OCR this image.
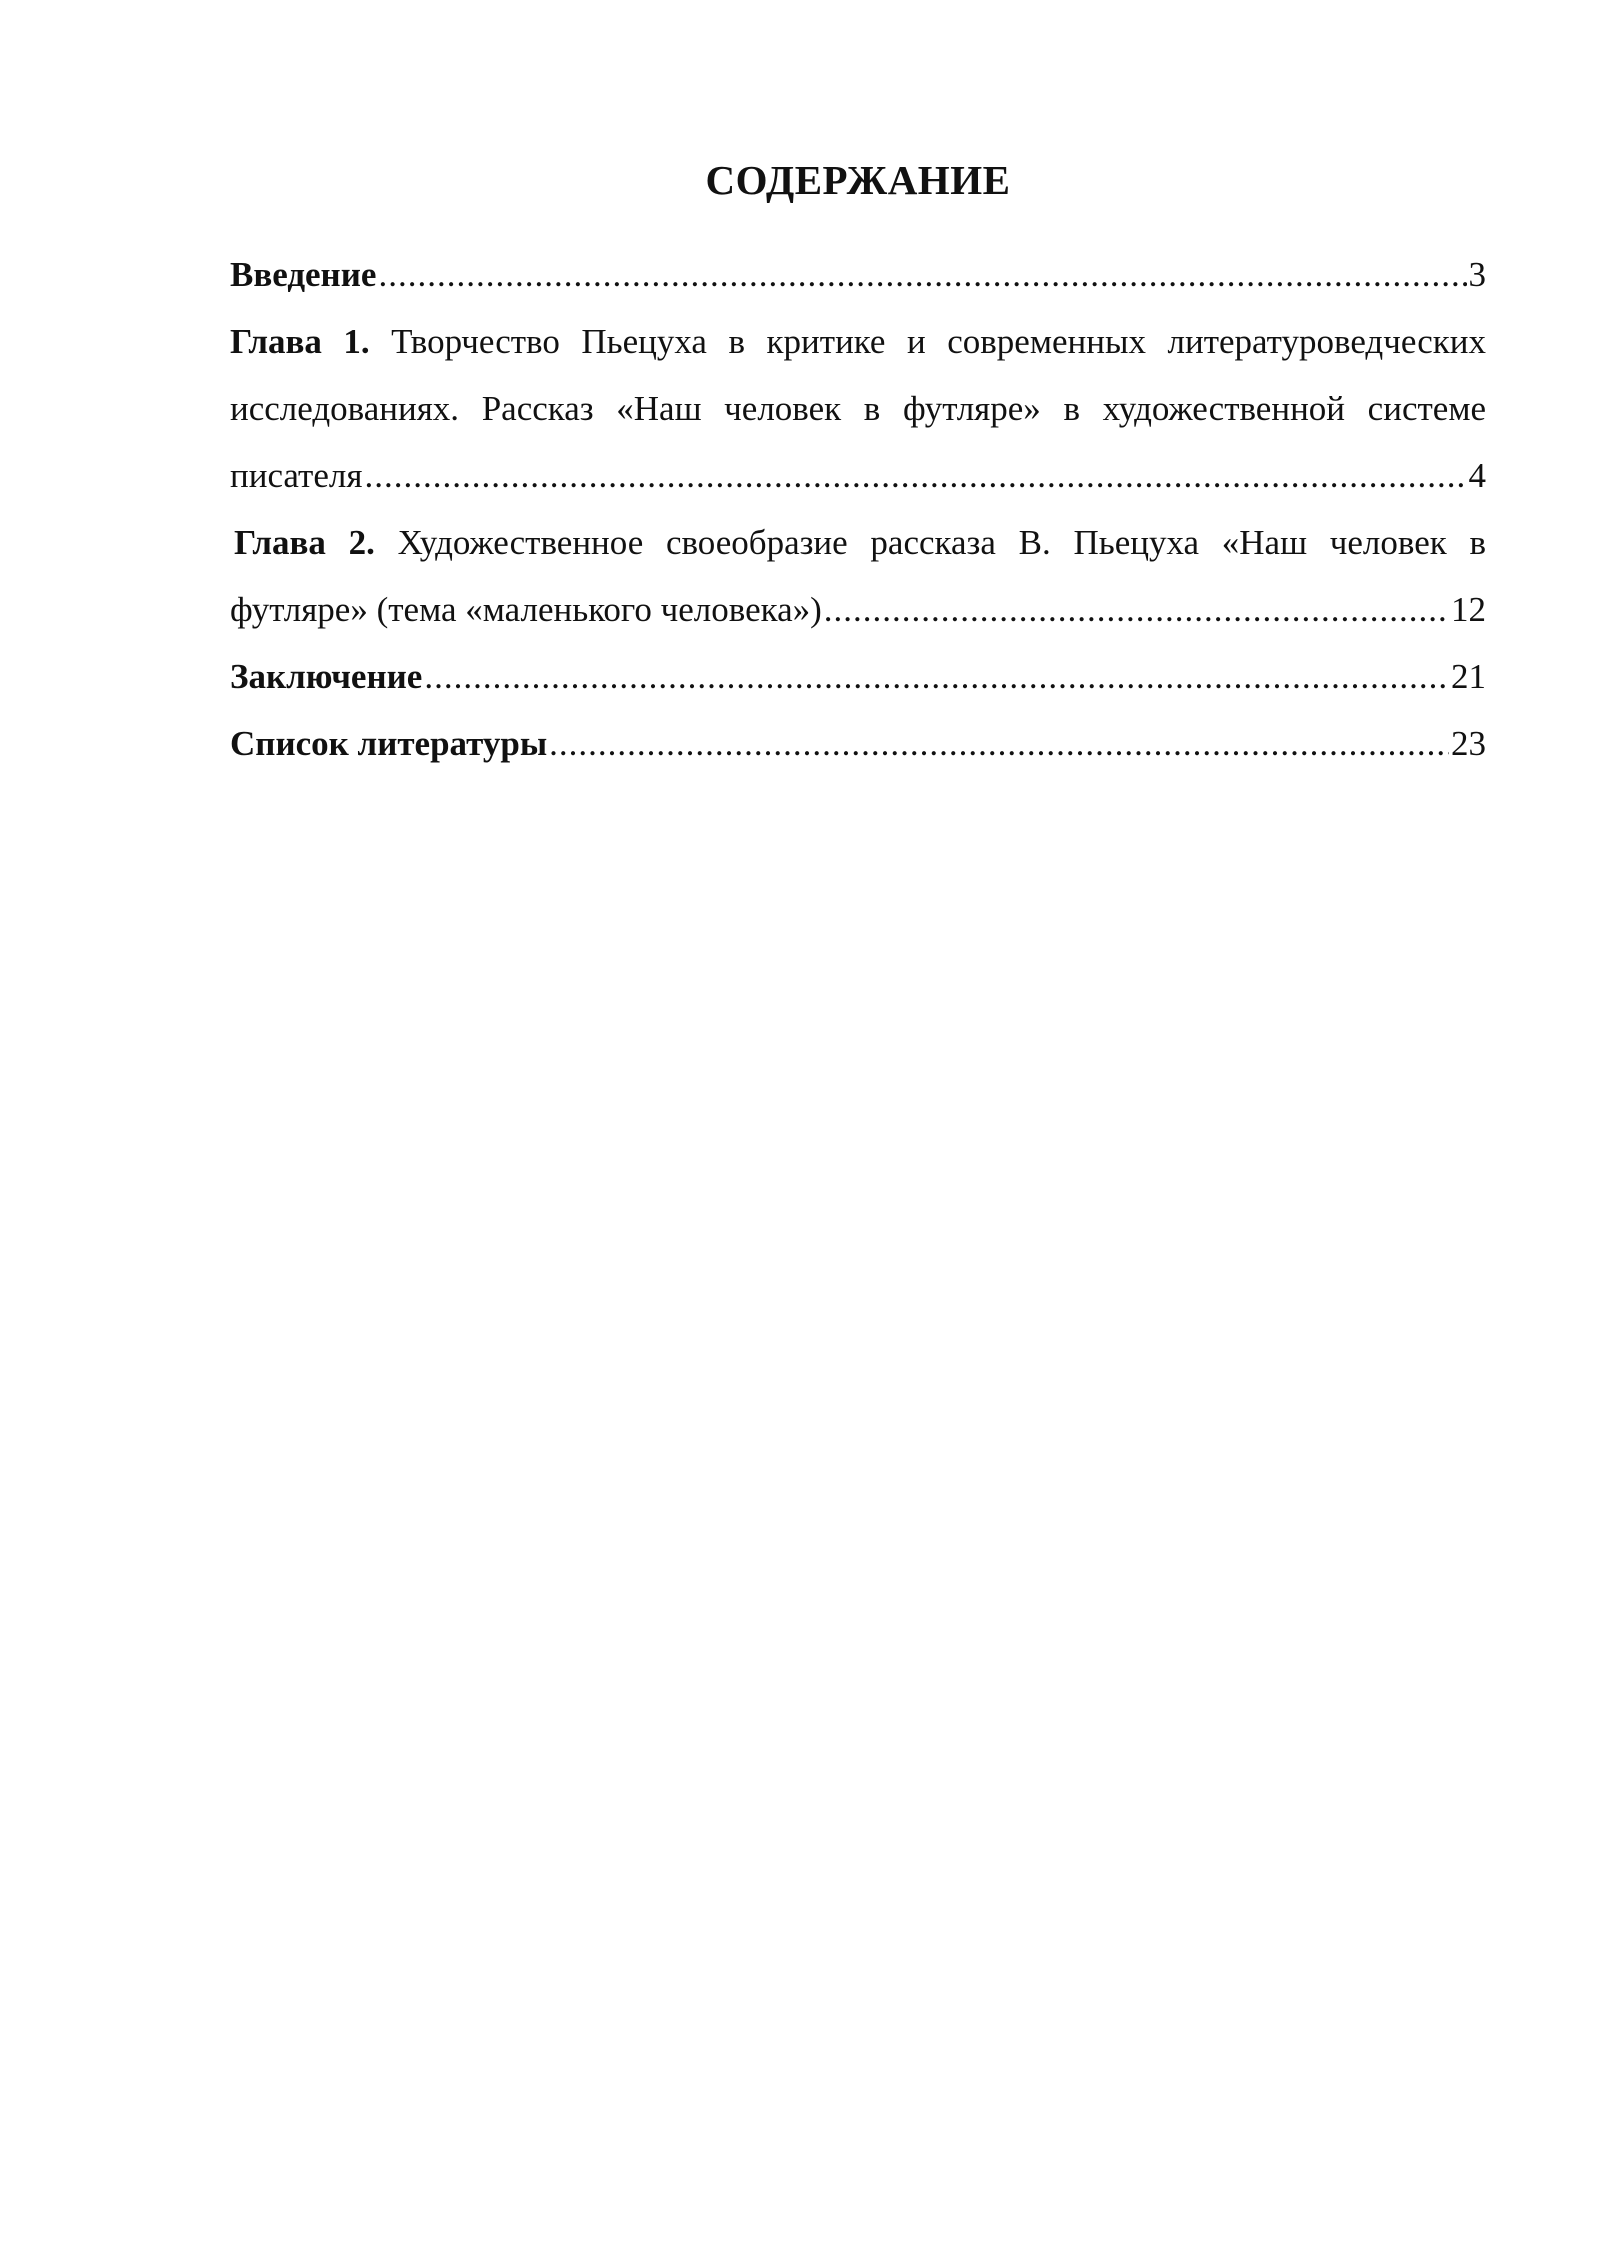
СОДЕРЖАНИЕ
Введение .....	3
Глава 1. Творчество Пьецуха в критике и современных литературоведческих
исследованиях. Рассказ «Наш человек в футляре» в художественной системе
писателя .....	4
Глава 2. Художественное своеобразие рассказа В. Пьецуха «Наш человек в
футляре» (тема «маленького человека») .....	12
Заключение .....	21
Список литературы .....	23
